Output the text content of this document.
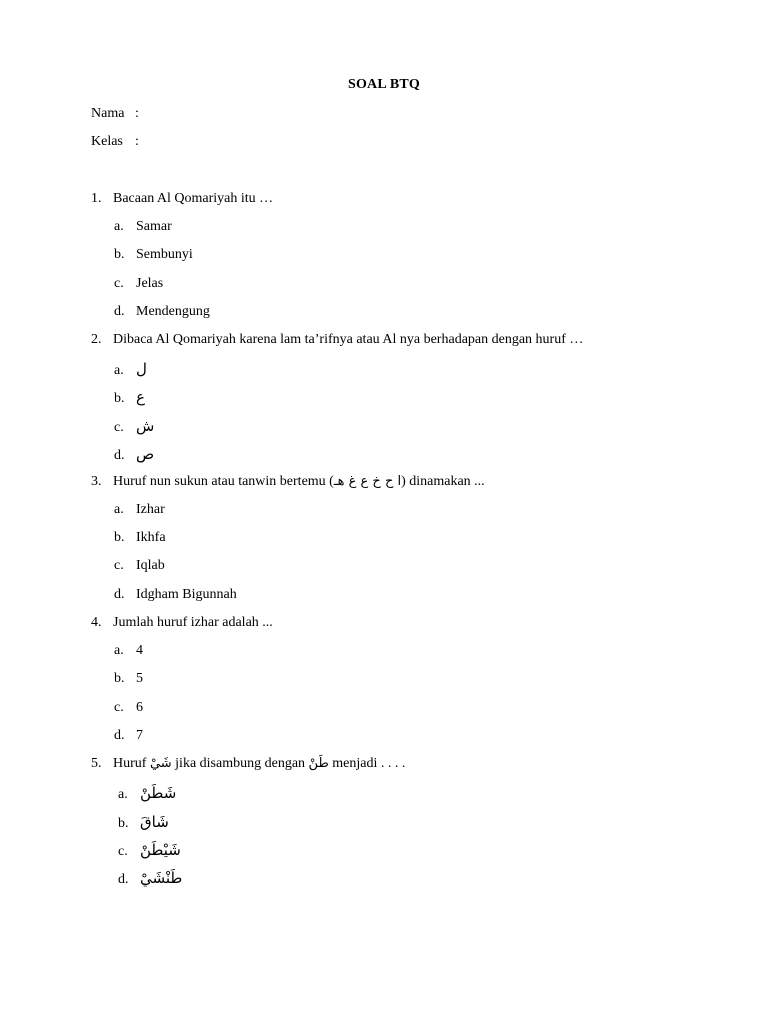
SOAL BTQ
Nama :
Kelas :
1. Bacaan Al Qomariyah itu …
a. Samar
b. Sembunyi
c. Jelas
d. Mendengung
2. Dibaca Al Qomariyah karena lam ta’rifnya atau Al nya berhadapan dengan huruf …
a. ل
b. ع
c. ش
d. ص
3. Huruf nun sukun atau tanwin bertemu (ا ح خ ع غ هـ) dinamakan ...
a. Izhar
b. Ikhfa
c. Iqlab
d. Idgham Bigunnah
4. Jumlah huruf izhar adalah ...
a. 4
b. 5
c. 6
d. 7
5. Huruf شَيْ jika disambung dengan طَنْ menjadi . . . .
a. شَطَنْ
b. شَاقَ
c. شَيْطَنْ
d. طَنْشَيْ
